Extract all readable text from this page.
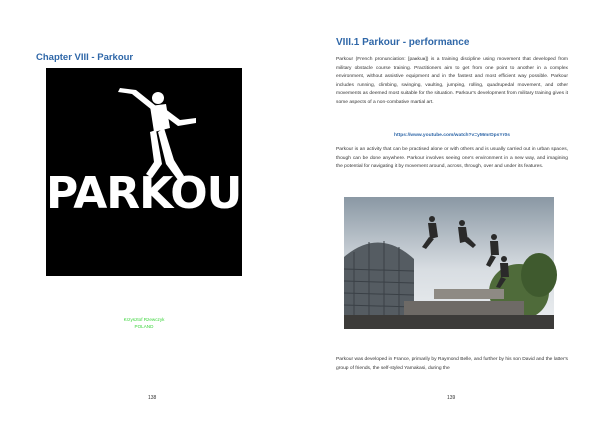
Chapter VIII - Parkour
PARKOUR
Krzysztof Rzewczyk
POLAND
138
VIII.1 Parkour - performance
Parkour (French pronunciation: [paʁkuʁ]) is a training discipline using movement that developed from military obstacle course training. Practitioners aim to get from one point to another in a complex environment, without assistive equipment and in the fastest and most efficient way possible. Parkour includes running, climbing, swinging, vaulting, jumping, rolling, quadrupedal movement, and other movements as deemed most suitable for the situation. Parkour's development from military training gives it some aspects of a non-combative martial art.
https://www.youtube.com/watch?v=yMmrDpsYr0s
Parkour is an activity that can be practised alone or with others and is usually carried out in urban spaces, though can be done anywhere. Parkour involves seeing one's environment in a new way, and imagining the potential for navigating it by movement around, across, through, over and under its features.
Parkour was developed in France, primarily by Raymond Belle, and further by his son David and the latter's group of friends, the self-styled Yamakasi, during the
139
